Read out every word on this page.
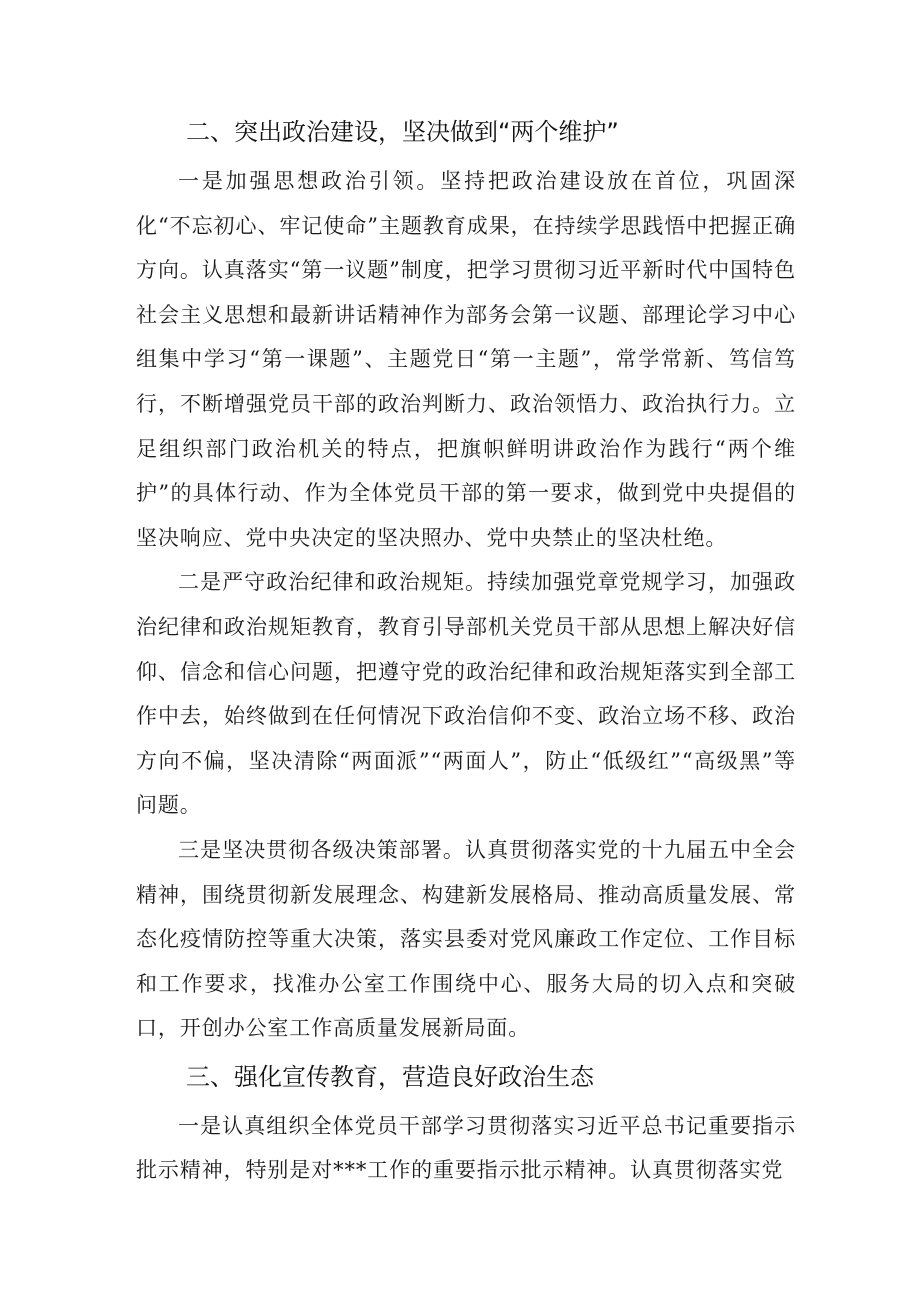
二、突出政治建设，坚决做到“两个维护”

一是加强思想政治引领。坚持把政治建设放在首位，巩固深化“不忘初心、牢记使命”主题教育成果，在持续学思践悟中把握正确方向。认真落实“第一议题”制度，把学习贯彻习近平新时代中国特色社会主义思想和最新讲话精神作为部务会第一议题、部理论学习中心组集中学习“第一课题”、主题党日“第一主题”，常学常新、笃信笃行，不断增强党员干部的政治判断力、政治领悟力、政治执行力。立足组织部门政治机关的特点，把旗帜鲜明讲政治作为践行“两个维护”的具体行动、作为全体党员干部的第一要求，做到党中央提倡的坚决响应、党中央决定的坚决照办、党中央禁止的坚决杜绝。

二是严守政治纪律和政治规矩。持续加强党章党规学习，加强政治纪律和政治规矩教育，教育引导部机关党员干部从思想上解决好信仰、信念和信心问题，把遵守党的政治纪律和政治规矩落实到全部工作中去，始终做到在任何情况下政治信仰不变、政治立场不移、政治方向不偏，坚决清除“两面派”“两面人”，防止“低级红”“高级黑”等问题。

三是坚决贯彻各级决策部署。认真贯彻落实党的十九届五中全会精神，围绕贯彻新发展理念、构建新发展格局、推动高质量发展、常态化疫情防控等重大决策，落实县委对党风廉政工作定位、工作目标和工作要求，找准办公室工作围绕中心、服务大局的切入点和突破口，开创办公室工作高质量发展新局面。

三、强化宣传教育，营造良好政治生态

一是认真组织全体党员干部学习贯彻落实习近平总书记重要指示批示精神，特别是对***工作的重要指示批示精神。认真贯彻落实党
